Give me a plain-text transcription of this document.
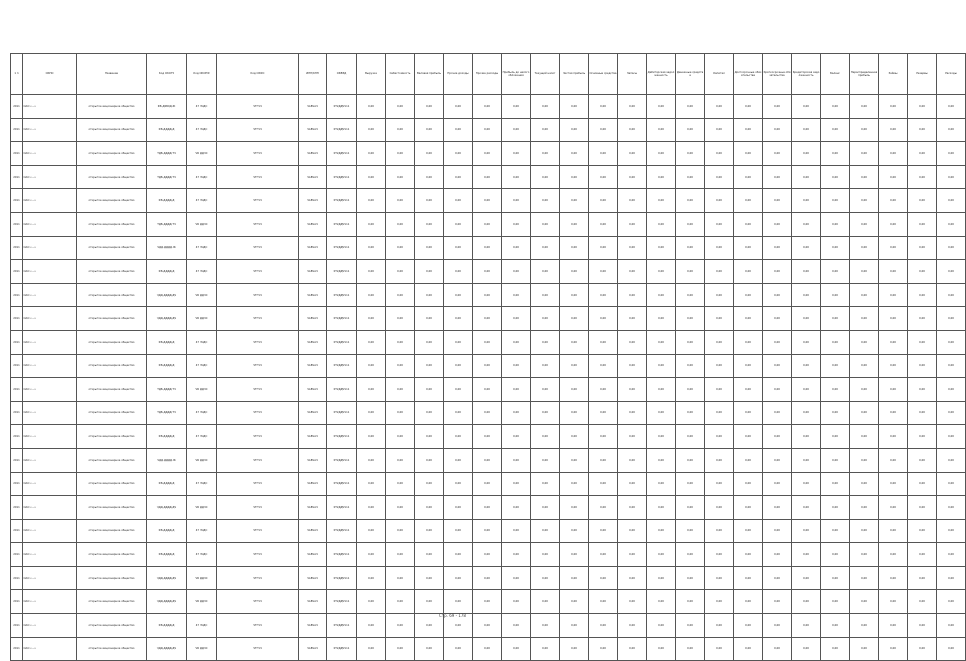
1 п	ОКПО	Название	Код ОКОГУ	Код ОКОПФ	Код ОКФС	ИНН/КПП	ОКВЭД	Выручка	Себестоимость	Валовая прибыль	Прочие доходы	Прочие расходы	Прибыль до налогообложения	Текущий налог	Чистая прибыль	Основные средства	Запасы	Дебиторская задолженность	Денежные средства	Капитал	Долгосрочные обязательства	Краткосрочные обязательства	Кредиторская задолженность	Баланс	Нераспределенная прибыль	Займы	Резервы	Расходы
2011	ОАО «...»	открытое акционерное общество	ФБ.Д0Б0Д.Ж	47 ЧЧДС	ЧТГЧЧ	ЧАБЧАЧ	0Т2ДДЧЧ11	0,00	0,00	0,00	0,00	0,00	0,00	0,00	0,00	0,00	0,00	0,00	0,00	0,00	0,00	0,00	0,00	0,00	0,00	0,00	0,00	0,00
2011	ОАО «...»	открытое акционерное общество	ФБ.ДДДД.Д	47 ЧЧДС	ЧТГЧЧ	ЧАБЧАЧ	0Т2ДДЧЧ11	0,00	0,00	0,00	0,00	0,00	0,00	0,00	0,00	0,00	0,00	0,00	0,00	0,00	0,00	0,00	0,00	0,00	0,00	0,00	0,00	0,00
2011	ОАО «...»	открытое акционерное общество	ТДБ.ДДДД.ТЧ	ЧБ ДДЧС	ЧТГЧЧ	ЧАБЧАЧ	0Т2ДДЧЧ11	0,00	0,00	0,00	0,00	0,00	0,00	0,00	0,00	0,00	0,00	0,00	0,00	0,00	0,00	0,00	0,00	0,00	0,00	0,00	0,00	0,00
2011	ОАО «...»	открытое акционерное общество	ТДБ.ДДДД.ТЧ	47 ЧЧДС	ЧТГЧЧ	ЧАБЧАЧ	0Т2ДДЧЧ11	0,00	0,00	0,00	0,00	0,00	0,00	0,00	0,00	0,00	0,00	0,00	0,00	0,00	0,00	0,00	0,00	0,00	0,00	0,00	0,00	0,00
2011	ОАО «...»	открытое акционерное общество	ФБ.ДДДД.Д	47 ЧЧДС	ЧТГЧЧ	ЧАБЧАЧ	0Т2ДДЧЧ11	0,00	0,00	0,00	0,00	0,00	0,00	0,00	0,00	0,00	0,00	0,00	0,00	0,00	0,00	0,00	0,00	0,00	0,00	0,00	0,00	0,00
2011	ОАО «...»	открытое акционерное общество	ТДБ.ДДДД.ТЧ	ЧБ ДДЧС	ЧТГЧЧ	ЧАБЧАЧ	0Т2ДДЧЧ11	0,00	0,00	0,00	0,00	0,00	0,00	0,00	0,00	0,00	0,00	0,00	0,00	0,00	0,00	0,00	0,00	0,00	0,00	0,00	0,00	0,00
2011	ОАО «...»	открытое акционерное общество	ЧДД.ДДДД.Ж	47 ЧЧДС	ЧТГЧЧ	ЧАБЧАЧ	0Т2ДДЧЧ11	0,00	0,00	0,00	0,00	0,00	0,00	0,00	0,00	0,00	0,00	0,00	0,00	0,00	0,00	0,00	0,00	0,00	0,00	0,00	0,00	0,00
2011	ОАО «...»	открытое акционерное общество	ФБ.ДДДД.Д	47 ЧЧДС	ЧТГЧЧ	ЧАБЧАЧ	0Т2ДДЧЧ11	0,00	0,00	0,00	0,00	0,00	0,00	0,00	0,00	0,00	0,00	0,00	0,00	0,00	0,00	0,00	0,00	0,00	0,00	0,00	0,00	0,00
2011	ОАО «...»	открытое акционерное общество	ЧДД.ДДДД.ДЧ	ЧБ ДДЧС	ЧТГЧЧ	ЧАБЧАЧ	0Т2ДДЧЧ11	0,00	0,00	0,00	0,00	0,00	0,00	0,00	0,00	0,00	0,00	0,00	0,00	0,00	0,00	0,00	0,00	0,00	0,00	0,00	0,00	0,00
2011	ОАО «...»	открытое акционерное общество	ЧДД.ДДДД.ДЧ	ЧБ ДДЧС	ЧТГЧЧ	ЧАБЧАЧ	0Т2ДДЧЧ11	0,00	0,00	0,00	0,00	0,00	0,00	0,00	0,00	0,00	0,00	0,00	0,00	0,00	0,00	0,00	0,00	0,00	0,00	0,00	0,00	0,00
2011	ОАО «...»	открытое акционерное общество	ФБ.ДДДД.Д	47 ЧЧДС	ЧТГЧЧ	ЧАБЧАЧ	0Т2ДДЧЧ11	0,00	0,00	0,00	0,00	0,00	0,00	0,00	0,00	0,00	0,00	0,00	0,00	0,00	0,00	0,00	0,00	0,00	0,00	0,00	0,00	0,00
2011	ОАО «...»	открытое акционерное общество	ФБ.ДДДД.Д	47 ЧЧДС	ЧТГЧЧ	ЧАБЧАЧ	0Т2ДДЧЧ11	0,00	0,00	0,00	0,00	0,00	0,00	0,00	0,00	0,00	0,00	0,00	0,00	0,00	0,00	0,00	0,00	0,00	0,00	0,00	0,00	0,00
2011	ОАО «...»	открытое акционерное общество	ТДБ.ДДДД.ТЧ	ЧБ ДДЧС	ЧТГЧЧ	ЧАБЧАЧ	0Т2ДДЧЧ11	0,00	0,00	0,00	0,00	0,00	0,00	0,00	0,00	0,00	0,00	0,00	0,00	0,00	0,00	0,00	0,00	0,00	0,00	0,00	0,00	0,00
2011	ОАО «...»	открытое акционерное общество	ТДБ.ДДДД.ТЧ	47 ЧЧДС	ЧТГЧЧ	ЧАБЧАЧ	0Т2ДДЧЧ11	0,00	0,00	0,00	0,00	0,00	0,00	0,00	0,00	0,00	0,00	0,00	0,00	0,00	0,00	0,00	0,00	0,00	0,00	0,00	0,00	0,00
2011	ОАО «...»	открытое акционерное общество	ФБ.ДДДД.Д	47 ЧЧДС	ЧТГЧЧ	ЧАБЧАЧ	0Т2ДДЧЧ11	0,00	0,00	0,00	0,00	0,00	0,00	0,00	0,00	0,00	0,00	0,00	0,00	0,00	0,00	0,00	0,00	0,00	0,00	0,00	0,00	0,00
2011	ОАО «...»	открытое акционерное общество	ЧДД.ДДДД.Ж	ЧБ ДДЧС	ЧТГЧЧ	ЧАБЧАЧ	0Т2ДДЧЧ11	0,00	0,00	0,00	0,00	0,00	0,00	0,00	0,00	0,00	0,00	0,00	0,00	0,00	0,00	0,00	0,00	0,00	0,00	0,00	0,00	0,00
2011	ОАО «...»	открытое акционерное общество	ФБ.ДДДД.Д	47 ЧЧДС	ЧТГЧЧ	ЧАБЧАЧ	0Т2ДДЧЧ11	0,00	0,00	0,00	0,00	0,00	0,00	0,00	0,00	0,00	0,00	0,00	0,00	0,00	0,00	0,00	0,00	0,00	0,00	0,00	0,00	0,00
2011	ОАО «...»	открытое акционерное общество	ЧДД.ДДДД.ДЧ	ЧБ ДДЧС	ЧТГЧЧ	ЧАБЧАЧ	0Т2ДДЧЧ11	0,00	0,00	0,00	0,00	0,00	0,00	0,00	0,00	0,00	0,00	0,00	0,00	0,00	0,00	0,00	0,00	0,00	0,00	0,00	0,00	0,00
2011	ОАО «...»	открытое акционерное общество	ФБ.ДДДД.Д	47 ЧЧДС	ЧТГЧЧ	ЧАБЧАЧ	0Т2ДДЧЧ11	0,00	0,00	0,00	0,00	0,00	0,00	0,00	0,00	0,00	0,00	0,00	0,00	0,00	0,00	0,00	0,00	0,00	0,00	0,00	0,00	0,00
2011	ОАО «...»	открытое акционерное общество	ФБ.ДДДД.Д	47 ЧЧДС	ЧТГЧЧ	ЧАБЧАЧ	0Т2ДДЧЧ11	0,00	0,00	0,00	0,00	0,00	0,00	0,00	0,00	0,00	0,00	0,00	0,00	0,00	0,00	0,00	0,00	0,00	0,00	0,00	0,00	0,00
2011	ОАО «...»	открытое акционерное общество	ЧДД.ДДДД.ДЧ	ЧБ ДДЧС	ЧТГЧЧ	ЧАБЧАЧ	0Т2ДДЧЧ11	0,00	0,00	0,00	0,00	0,00	0,00	0,00	0,00	0,00	0,00	0,00	0,00	0,00	0,00	0,00	0,00	0,00	0,00	0,00	0,00	0,00
2011	ОАО «...»	открытое акционерное общество	ЧДД.ДДДД.ДЧ	ЧБ ДДЧС	ЧТГЧЧ	ЧАБЧАЧ	0Т2ДДЧЧ11	0,00	0,00	0,00	0,00	0,00	0,00	0,00	0,00	0,00	0,00	0,00	0,00	0,00	0,00	0,00	0,00	0,00	0,00	0,00	0,00	0,00
2011	ОАО «...»	открытое акционерное общество	ФБ.ДДДД.Д	47 ЧЧДС	ЧТГЧЧ	ЧАБЧАЧ	0Т2ДДЧЧ11	0,00	0,00	0,00	0,00	0,00	0,00	0,00	0,00	0,00	0,00	0,00	0,00	0,00	0,00	0,00	0,00	0,00	0,00	0,00	0,00	0,00
2011	ОАО «...»	открытое акционерное общество	ЧДД.ДДДД.ДЧ	ЧБ ДДЧС	ЧТГЧЧ	ЧАБЧАЧ	0Т2ДДЧЧ11	0,00	0,00	0,00	0,00	0,00	0,00	0,00	0,00	0,00	0,00	0,00	0,00	0,00	0,00	0,00	0,00	0,00	0,00	0,00	0,00	0,00
Стр. 69 - 178
